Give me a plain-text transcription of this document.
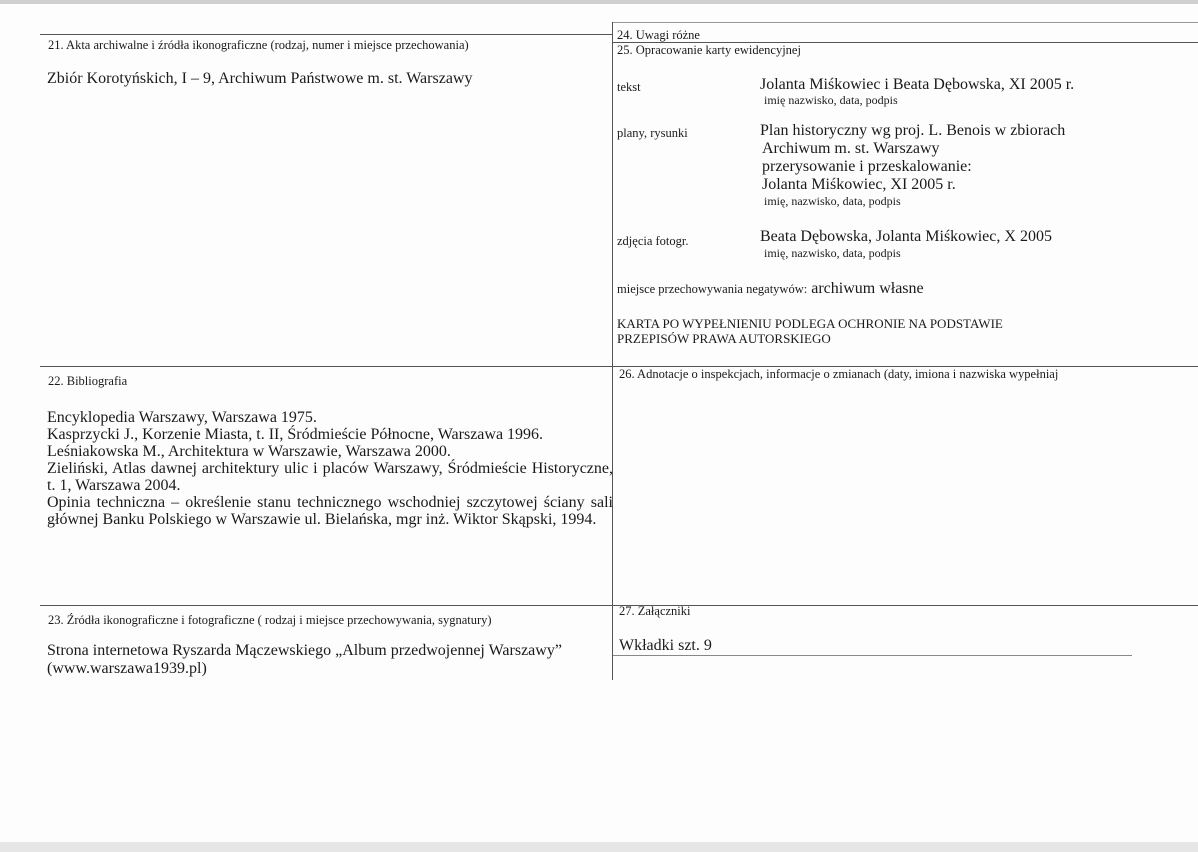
21. Akta archiwalne i źródła ikonograficzne (rodzaj, numer i miejsce przechowania)
Zbiór Korotyńskich, I – 9, Archiwum Państwowe m. st. Warszawy
22. Bibliografia
Encyklopedia Warszawy, Warszawa 1975.
Kasprzycki J., Korzenie Miasta, t. II, Śródmieście Północne, Warszawa 1996.
Leśniakowska M., Architektura w Warszawie, Warszawa 2000.
Zieliński, Atlas dawnej architektury ulic i placów Warszawy, Śródmieście Historyczne, t. 1, Warszawa 2004.
Opinia techniczna – określenie stanu technicznego wschodniej szczytowej ściany sali głównej Banku Polskiego w Warszawie ul. Bielańska, mgr inż. Wiktor Skąpski, 1994.
23. Źródła ikonograficzne i fotograficzne ( rodzaj i miejsce przechowywania, sygnatury)
Strona internetowa Ryszarda Mączewskiego „Album przedwojennej Warszawy”
(www.warszawa1939.pl)
24. Uwagi różne
25. Opracowanie karty ewidencyjnej
tekst	Jolanta Miśkowiec i Beata Dębowska, XI 2005 r.
imię nazwisko, data, podpis
plany, rysunki	Plan historyczny wg proj. L. Benois w zbiorach
Archiwum m. st. Warszawy
przerysowanie i przeskalowanie:
Jolanta Miśkowiec, XI 2005 r.
imię, nazwisko, data, podpis
zdjęcia fotogr.	Beata Dębowska, Jolanta Miśkowiec, X 2005
imię, nazwisko, data, podpis
miejsce przechowywania negatywów: archiwum własne
KARTA PO WYPEŁNIENIU PODLEGA OCHRONIE NA PODSTAWIE
PRZEPISÓW PRAWA AUTORSKIEGO
26. Adnotacje o inspekcjach, informacje o zmianach (daty, imiona i nazwiska wypełniaj
27. Załączniki
Wkładki szt. 9
